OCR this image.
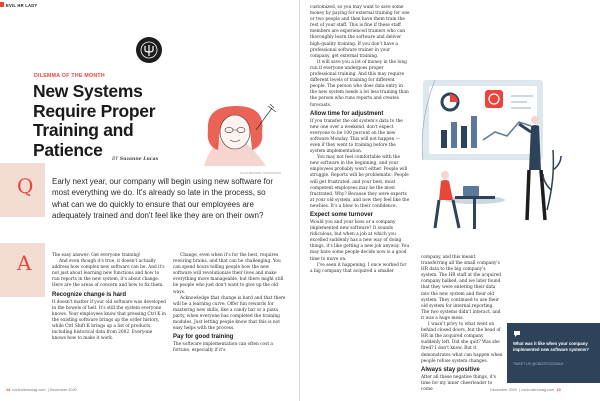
EVIL HR LADY
DILEMMA OF THE MONTH
New Systems Require Proper Training and Patience	BY Suzanne Lucas
ILLUSTRATION: XXXXXXXXX
Q Early next year, our company will begin using new software for most everything we do. It's already so late in the process, so what can we do quickly to ensure that our employees are adequately trained and don't feel like they are on their own?

A	The easy answer: Get everyone training!

And even though it's true, it doesn't actually address how complex new software can be. And it's not just about learning new functions and how to run reports in the new system, it's about change. Here are the areas of concern and how to fix them.

Recognize change is hard

It doesn't matter if your old software was developed in the bowels of hell. It's still the system everyone knows. Your employees know that pressing Ctrl K in the existing software brings up the order history, while Ctrl Shift K brings up a list of products, including historical data from 2002. Everyone knows how to make it work.

Change, even when it's for the best, requires rewiring brains, and that can be challenging. You can spend hours telling people how the new software will revolutionize their lives and make everything more manageable, but there might still be people who just don't want to give up the old ways.

Acknowledge that change is hard and that there will be a learning curve. Offer fun rewards for mastering new skills, like a candy bar or a pizza party, when everyone has completed the training modules. Just letting people know that this is not easy helps with the process.

Pay for good training

The software implementation can often cost a fortune, especially if it's

14 controllersmag.com  | December 2020

customized, so you may want to save some money by paying for external training for one or two people and then have them train the rest of your staff. This is fine if these staff members are experienced trainers who can thoroughly learn the software and deliver high-quality training. If you don't have a professional software trainer in your company, get external training.

It will save you a lot of money in the long run if everyone undergoes proper professional training. And this may require different levels of training for different people. The person who does data entry in the new system needs a lot less training than the person who runs reports and creates forecasts.

Allow time for adjustment

If you transfer the old system's data to the new one over a weekend, don't expect everyone to be 100 percent on the new software Monday. This will not happen — even if they went to training before the system implementation.

You may not feel comfortable with the new software in the beginning, and your employees probably won't either. People will struggle. Reports will be problematic. People will get frustrated, and your best, most competent employees may be the most frustrated. Why? Because they were experts at your old system, and now they feel like the newbies. It's a blow to their confidence.

Expect some turnover

Would you and your boss or a company implemented new software? It sounds ridiculous, but when a job at which you excelled suddenly has a new way of doing things, it's like getting a new job anyway. You may have some people decide now is a good time to move on.

I've seen it happening. I once worked for a big company that acquired a smaller

company, and this meant transferring all the small company's HR data to the big company's system. The HR staff at the acquired company balked, and we later found that they were entering their data into the new system and their old system. They continued to use their old system for internal reporting. The two systems didn't interact, and it was a huge mess.

I wasn't privy to what went on behind closed doors, but the head of HR in the acquired company suddenly left. Did she quit? Was she fired? I don't know. But it demonstrates what can happen when people refuse system changes.

Always stay positive

After all these negative things, it's time for my inner cheerleader to come	December 2020  | controllersmag.com 15

What was it like when your company implemented new software systems?

TWEET US @CBIZSTOCKMAG
